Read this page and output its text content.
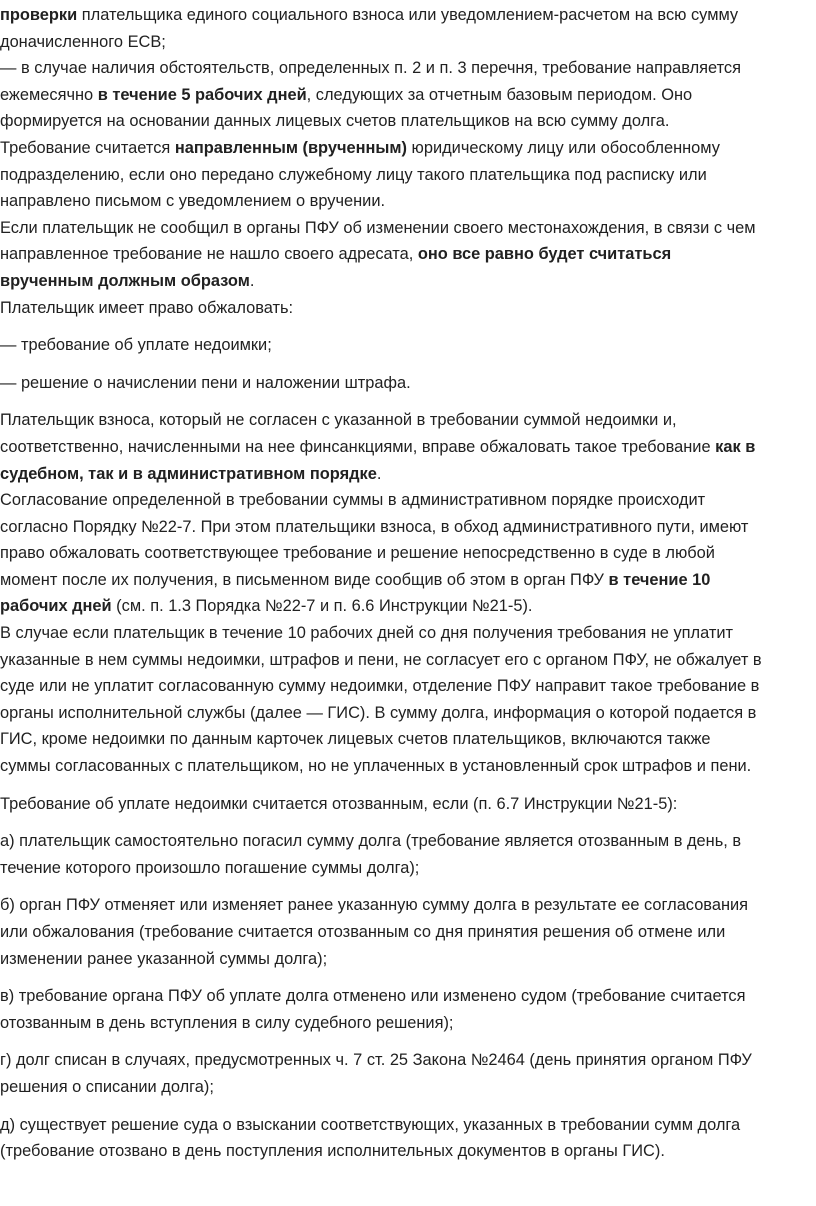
проверки плательщика единого социального взноса или уведомлением-расчетом на всю сумму

доначисленного ЕСВ;

— в случае наличия обстоятельств, определенных п. 2 и п. 3 перечня, требование направляется

ежемесячно в течение 5 рабочих дней, следующих за отчетным базовым периодом. Оно

формируется на основании данных лицевых счетов плательщиков на всю сумму долга.

Требование считается направленным (врученным) юридическому лицу или обособленному

подразделению, если оно передано служебному лицу такого плательщика под расписку или

направлено письмом с уведомлением о вручении.

Если плательщик не сообщил в органы ПФУ об изменении своего местонахождения, в связи с чем

направленное требование не нашло своего адресата, оно все равно будет считаться

врученным должным образом.

Плательщик имеет право обжаловать:

— требование об уплате недоимки;

— решение о начислении пени и наложении штрафа.

Плательщик взноса, который не согласен с указанной в требовании суммой недоимки и,

соответственно, начисленными на нее финсанкциями, вправе обжаловать такое требование как в

судебном, так и в административном порядке.

Согласование определенной в требовании суммы в административном порядке происходит

согласно Порядку №22-7. При этом плательщики взноса, в обход административного пути, имеют

право обжаловать соответствующее требование и решение непосредственно в суде в любой

момент после их получения, в письменном виде сообщив об этом в орган ПФУ в течение 10

рабочих дней (см. п. 1.3 Порядка №22-7 и п. 6.6 Инструкции №21-5).

В случае если плательщик в течение 10 рабочих дней со дня получения требования не уплатит

указанные в нем суммы недоимки, штрафов и пени, не согласует его с органом ПФУ, не обжалует в

суде или не уплатит согласованную сумму недоимки, отделение ПФУ направит такое требование в

органы исполнительной службы (далее — ГИС). В сумму долга, информация о которой подается в

ГИС, кроме недоимки по данным карточек лицевых счетов плательщиков, включаются также

суммы согласованных с плательщиком, но не уплаченных в установленный срок штрафов и пени.

Требование об уплате недоимки считается отозванным, если (п. 6.7 Инструкции №21-5):

а) плательщик самостоятельно погасил сумму долга (требование является отозванным в день, в

течение которого произошло погашение суммы долга);

б) орган ПФУ отменяет или изменяет ранее указанную сумму долга в результате ее согласования

или обжалования (требование считается отозванным со дня принятия решения об отмене или

изменении ранее указанной суммы долга);

в) требование органа ПФУ об уплате долга отменено или изменено судом (требование считается

отозванным в день вступления в силу судебного решения);

г) долг списан в случаях, предусмотренных ч. 7 ст. 25 Закона №2464 (день принятия органом ПФУ

решения о списании долга);

д) существует решение суда о взыскании соответствующих, указанных в требовании сумм долга

(требование отозвано в день поступления исполнительных документов в органы ГИС).
